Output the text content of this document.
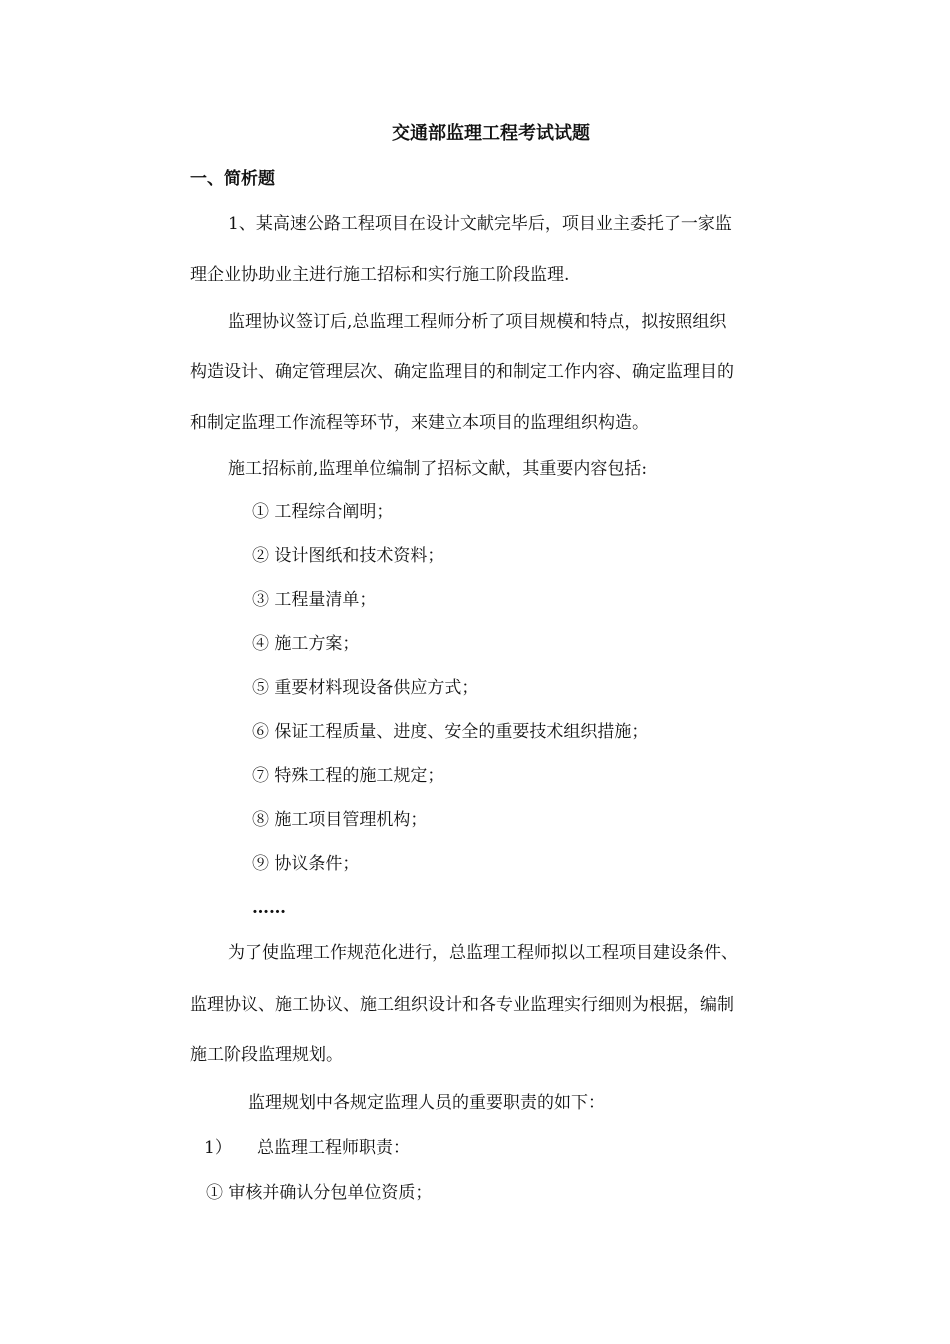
交通部监理工程考试试题
一、简析题
1、某高速公路工程项目在设计文献完毕后，项目业主委托了一家监
理企业协助业主进行施工招标和实行施工阶段监理.
监理协议签订后,总监理工程师分析了项目规模和特点，拟按照组织
构造设计、确定管理层次、确定监理目的和制定工作内容、确定监理目的
和制定监理工作流程等环节，来建立本项目的监理组织构造。
施工招标前,监理单位编制了招标文献，其重要内容包括:
① 工程综合阐明；
② 设计图纸和技术资料；
③ 工程量清单；
④ 施工方案；
⑤ 重要材料现设备供应方式；
⑥ 保证工程质量、进度、安全的重要技术组织措施；
⑦ 特殊工程的施工规定；
⑧ 施工项目管理机构；
⑨ 协议条件；
……
为了使监理工作规范化进行，总监理工程师拟以工程项目建设条件、
监理协议、施工协议、施工组织设计和各专业监理实行细则为根据，编制
施工阶段监理规划。
监理规划中各规定监理人员的重要职责的如下：
1） 总监理工程师职责：
① 审核并确认分包单位资质；
